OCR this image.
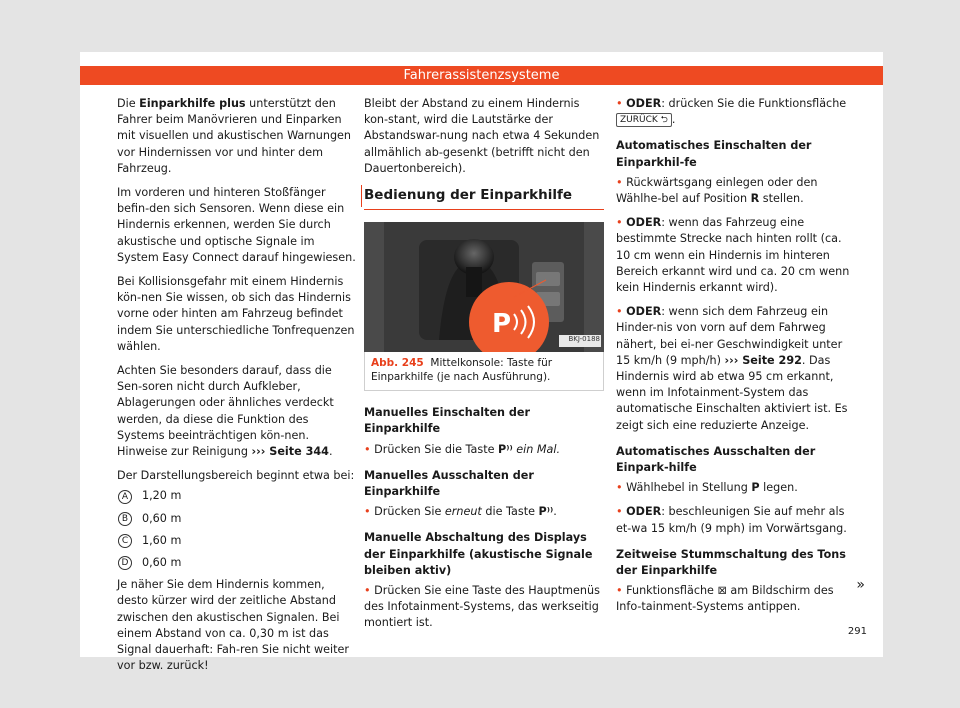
Fahrerassistenzsysteme

Die Einparkhilfe plus unterstützt den Fahrer beim Manövrieren und Einparken mit visuellen und akustischen Warnungen vor Hindernissen vor und hinter dem Fahrzeug.

Im vorderen und hinteren Stoßfänger befin-den sich Sensoren. Wenn diese ein Hindernis erkennen, werden Sie durch akustische und optische Signale im System Easy Connect darauf hingewiesen.

Bei Kollisionsgefahr mit einem Hindernis kön-nen Sie wissen, ob sich das Hindernis vorne oder hinten am Fahrzeug befindet indem Sie unterschiedliche Tonfrequenzen wählen.

Achten Sie besonders darauf, dass die Sen-soren nicht durch Aufkleber, Ablagerungen oder ähnliches verdeckt werden, da diese die Funktion des Systems beeinträchtigen kön-nen. Hinweise zur Reinigung ››› Seite 344.

Der Darstellungsbereich beginnt etwa bei:

A	1,20 m
B	0,60 m
C	1,60 m
D	0,60 m

Je näher Sie dem Hindernis kommen, desto kürzer wird der zeitliche Abstand zwischen den akustischen Signalen. Bei einem Abstand von ca. 0,30 m ist das Signal dauerhaft: Fah-ren Sie nicht weiter vor bzw. zurück!

Bleibt der Abstand zu einem Hindernis kon-stant, wird die Lautstärke der Abstandswar-nung nach etwa 4 Sekunden allmählich ab-gesenkt (betrifft nicht den Dauertonbereich).

Bedienung der Einparkhilfe
P	BKJ-0188
Abb. 245 Mittelkonsole: Taste für Einparkhilfe (je nach Ausführung).
Manuelles Einschalten der Einparkhilfe

• Drücken Sie die Taste P⁾⁾ ein Mal.

Manuelles Ausschalten der Einparkhilfe

• Drücken Sie erneut die Taste P⁾⁾.

Manuelle Abschaltung des Displays der Einparkhilfe (akustische Signale bleiben aktiv)

• Drücken Sie eine Taste des Hauptmenüs des Infotainment-Systems, das werkseitig montiert ist.

• ODER: drücken Sie die Funktionsfläche
ZURÜCK ⮌ .

Automatisches Einschalten der Einparkhil-fe

• Rückwärtsgang einlegen oder den Wählhe-bel auf Position R stellen.

• ODER: wenn das Fahrzeug eine bestimmte Strecke nach hinten rollt (ca. 10 cm wenn ein Hindernis im hinteren Bereich erkannt wird und ca. 20 cm wenn kein Hindernis erkannt wird).

• ODER: wenn sich dem Fahrzeug ein Hinder-nis von vorn auf dem Fahrweg nähert, bei ei-ner Geschwindigkeit unter 15 km/h (9 mph/h) ››› Seite 292. Das Hindernis wird ab etwa 95 cm erkannt, wenn im Infotainment-System das automatische Einschalten aktiviert ist. Es zeigt sich eine reduzierte Anzeige.

Automatisches Ausschalten der Einpark-hilfe

• Wählhebel in Stellung P legen.

• ODER: beschleunigen Sie auf mehr als et-wa 15 km/h (9 mph) im Vorwärtsgang.

Zeitweise Stummschaltung des Tons der Einparkhilfe

• Funktionsfläche ⊠ am Bildschirm des Info-tainment-Systems antippen.

»
291
